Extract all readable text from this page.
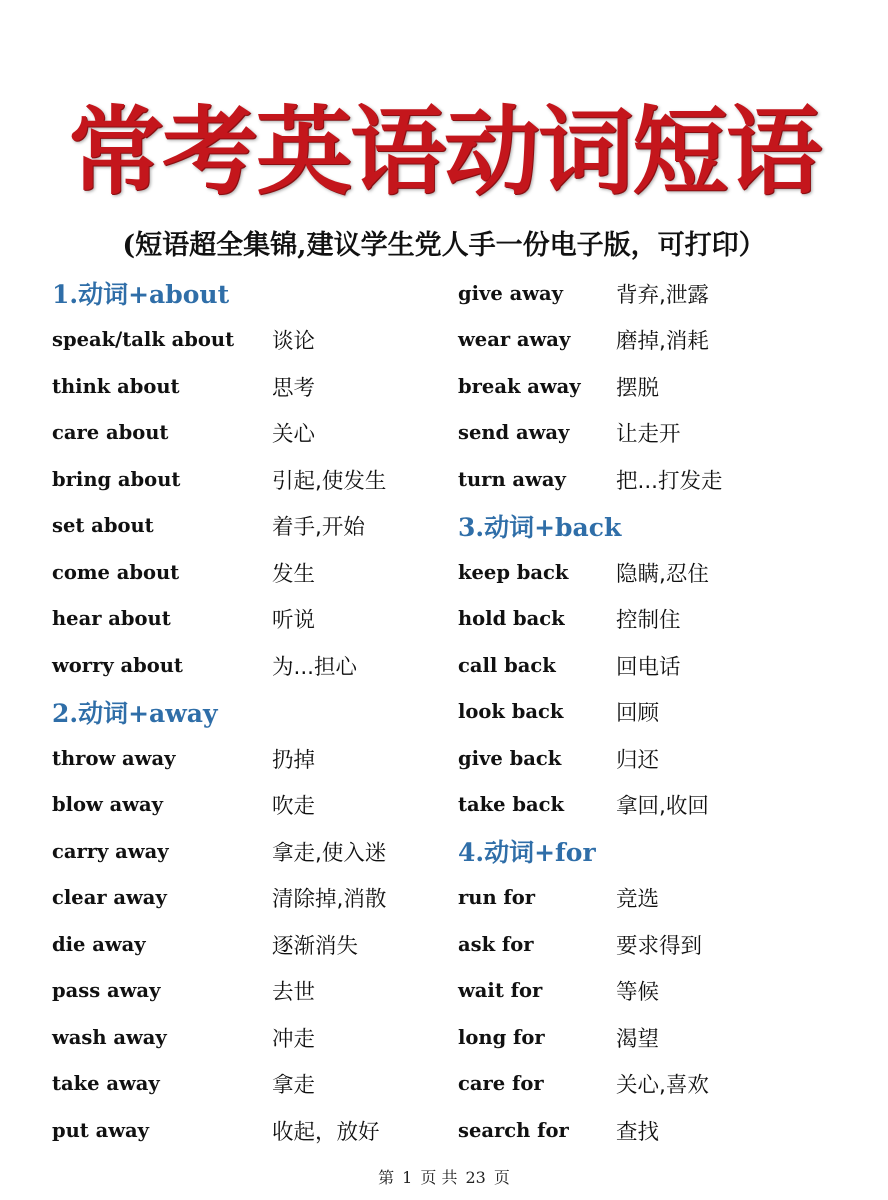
常考英语动词短语
(短语超全集锦,建议学生党人手一份电子版，可打印）
1.动词+about
speak/talk about	谈论
think about	思考
care about	关心
bring about	引起,使发生
set about	着手,开始
come about	发生
hear about	听说
worry about	为...担心
2.动词+away
throw away	扔掉
blow away	吹走
carry away	拿走,使入迷
clear away	清除掉,消散
die away	逐渐消失
pass away	去世
wash away	冲走
take away	拿走
put away	收起，放好
give away	背弃,泄露
wear away	磨掉,消耗
break away	摆脱
send away	让走开
turn away	把...打发走
3.动词+back
keep back	隐瞒,忍住
hold back	控制住
call back	回电话
look back	回顾
give back	归还
take back	拿回,收回
4.动词+for
run for	竞选
ask for	要求得到
wait for	等候
long for	渴望
care for	关心,喜欢
search for	查找
第 1 页 共 23 页
